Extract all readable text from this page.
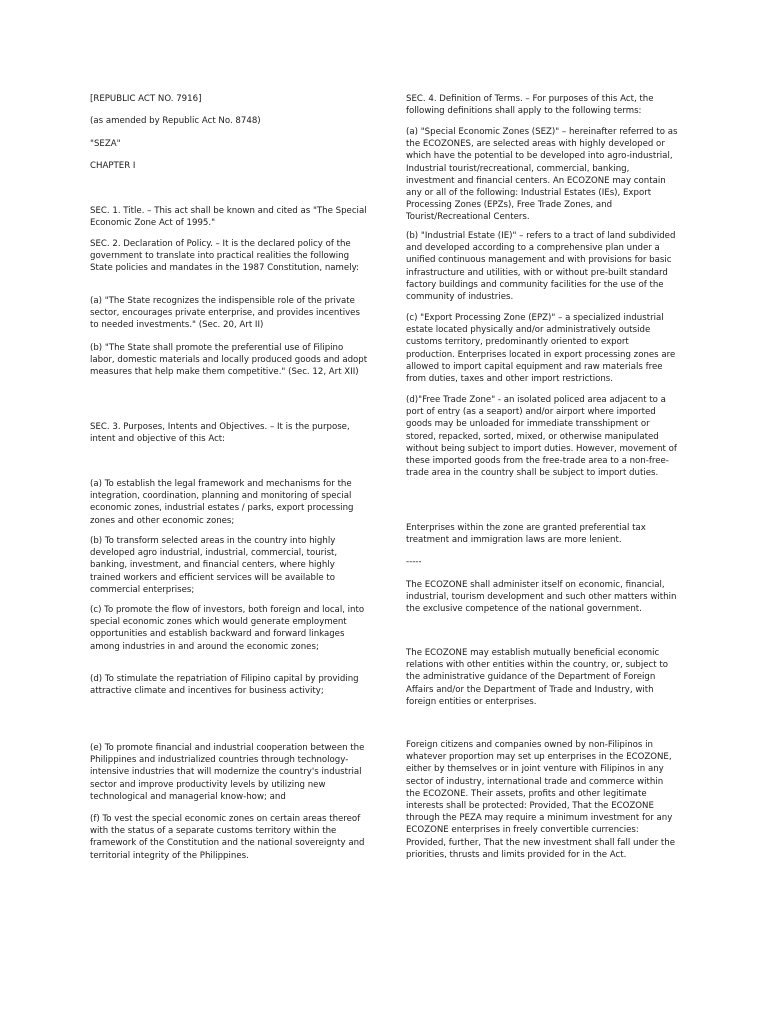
[REPUBLIC ACT NO. 7916]

(as amended by Republic Act No. 8748)

"SEZA"

CHAPTER I

SEC. 1. Title. – This act shall be known and cited as "The Special Economic Zone Act of 1995."

SEC. 2. Declaration of Policy. – It is the declared policy of the government to translate into practical realities the following State policies and mandates in the 1987 Constitution, namely:

(a) "The State recognizes the indispensible role of the private sector, encourages private enterprise, and provides incentives to needed investments." (Sec. 20, Art II)

(b) "The State shall promote the preferential use of Filipino labor, domestic materials and locally produced goods and adopt measures that help make them competitive." (Sec. 12, Art XII)

SEC. 3. Purposes, Intents and Objectives. – It is the purpose, intent and objective of this Act:

(a) To establish the legal framework and mechanisms for the integration, coordination, planning and monitoring of special economic zones, industrial estates / parks, export processing zones and other economic zones;

(b) To transform selected areas in the country into highly developed agro industrial, industrial, commercial, tourist, banking, investment, and financial centers, where highly trained workers and efficient services will be available to commercial enterprises;

(c) To promote the flow of investors, both foreign and local, into special economic zones which would generate employment opportunities and establish backward and forward linkages among industries in and around the economic zones;

(d) To stimulate the repatriation of Filipino capital by providing attractive climate and incentives for business activity;

(e) To promote financial and industrial cooperation between the Philippines and industrialized countries through technology-intensive industries that will modernize the country's industrial sector and improve productivity levels by utilizing new technological and managerial know-how; and

(f) To vest the special economic zones on certain areas thereof with the status of a separate customs territory within the framework of the Constitution and the national sovereignty and territorial integrity of the Philippines.

SEC. 4. Definition of Terms. – For purposes of this Act, the following definitions shall apply to the following terms:

(a) "Special Economic Zones (SEZ)" – hereinafter referred to as the ECOZONES, are selected areas with highly developed or which have the potential to be developed into agro-industrial, Industrial tourist/recreational, commercial, banking, investment and financial centers. An ECOZONE may contain any or all of the following: Industrial Estates (IEs), Export Processing Zones (EPZs), Free Trade Zones, and Tourist/Recreational Centers.

(b) "Industrial Estate (IE)" – refers to a tract of land subdivided and developed according to a comprehensive plan under a unified continuous management and with provisions for basic infrastructure and utilities, with or without pre-built standard factory buildings and community facilities for the use of the community of industries.

(c) "Export Processing Zone (EPZ)" – a specialized industrial estate located physically and/or administratively outside customs territory, predominantly oriented to export production. Enterprises located in export processing zones are allowed to import capital equipment and raw materials free from duties, taxes and other import restrictions.

(d)"Free Trade Zone" - an isolated policed area adjacent to a port of entry (as a seaport) and/or airport where imported goods may be unloaded for immediate transshipment or stored, repacked, sorted, mixed, or otherwise manipulated without being subject to import duties. However, movement of these imported goods from the free-trade area to a non-free-trade area in the country shall be subject to import duties.

Enterprises within the zone are granted preferential tax treatment and immigration laws are more lenient.

-----

The ECOZONE shall administer itself on economic, financial, industrial, tourism development and such other matters within the exclusive competence of the national government.

The ECOZONE may establish mutually beneficial economic relations with other entities within the country, or, subject to the administrative guidance of the Department of Foreign Affairs and/or the Department of Trade and Industry, with foreign entities or enterprises.

Foreign citizens and companies owned by non-Filipinos in whatever proportion may set up enterprises in the ECOZONE, either by themselves or in joint venture with Filipinos in any sector of industry, international trade and commerce within the ECOZONE. Their assets, profits and other legitimate interests shall be protected: Provided, That the ECOZONE through the PEZA may require a minimum investment for any ECOZONE enterprises in freely convertible currencies: Provided, further, That the new investment shall fall under the priorities, thrusts and limits provided for in the Act.
